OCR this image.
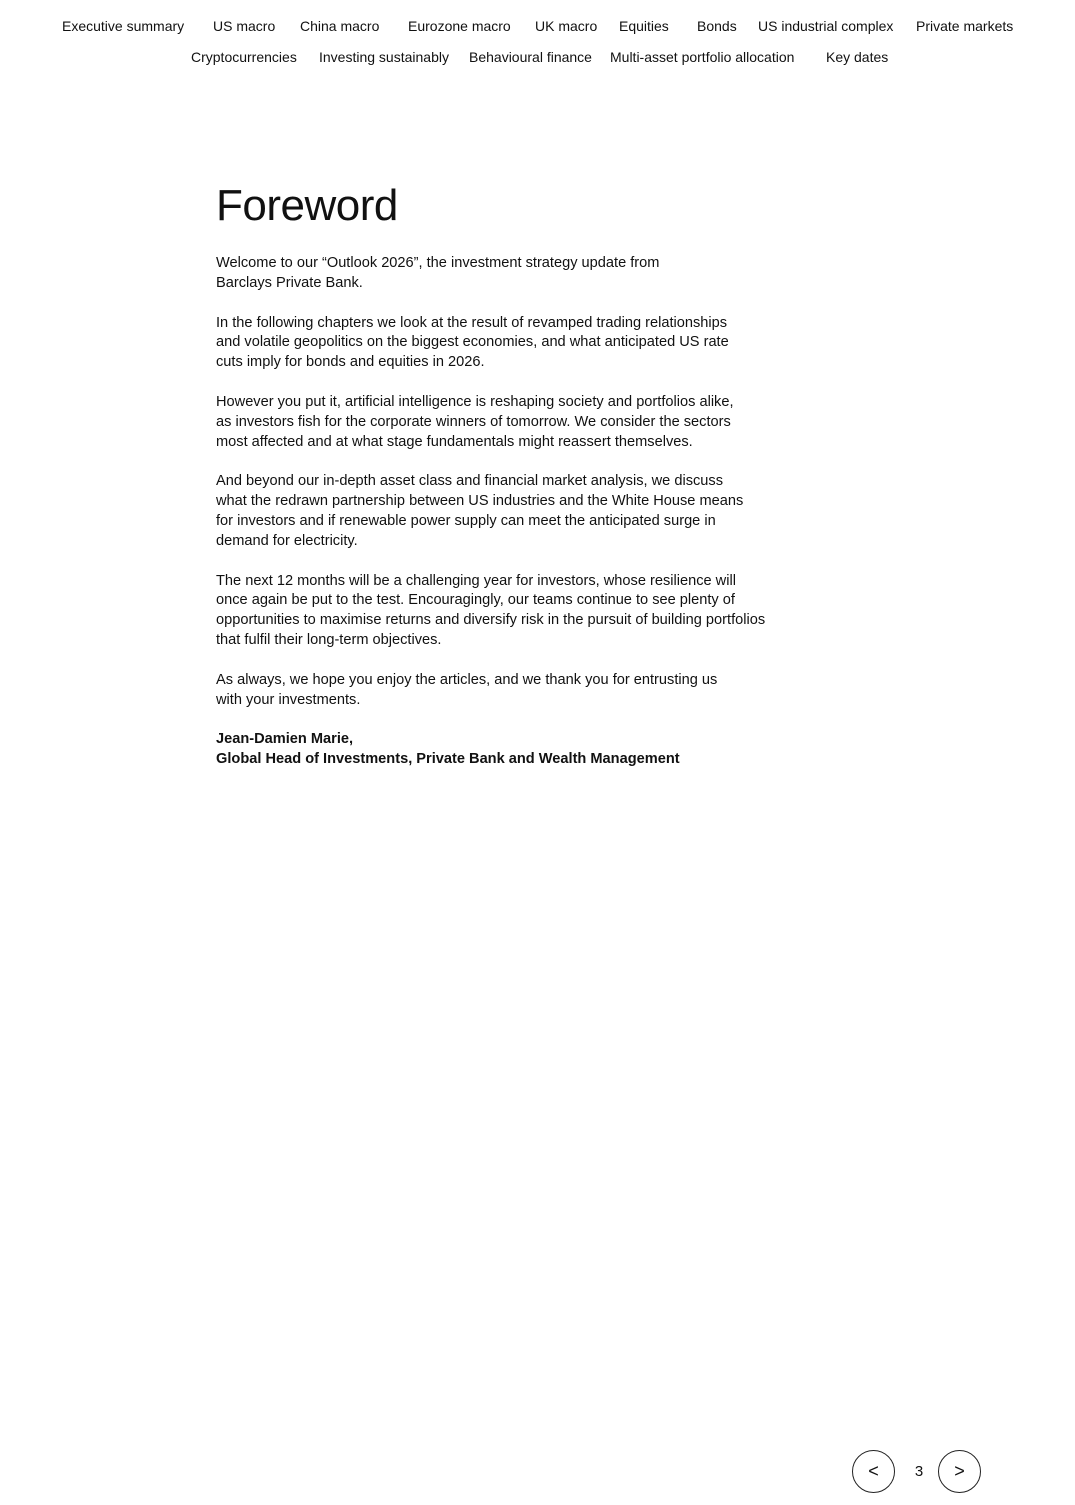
Executive summary US macro China macro Eurozone macro UK macro Equities Bonds US industrial complex Private markets
Cryptocurrencies Investing sustainably Behavioural finance Multi-asset portfolio allocation Key dates
Foreword

Welcome to our “Outlook 2026”, the investment strategy update from
Barclays Private Bank.

In the following chapters we look at the result of revamped trading relationships
and volatile geopolitics on the biggest economies, and what anticipated US rate
cuts imply for bonds and equities in 2026.

However you put it, artificial intelligence is reshaping society and portfolios alike,
as investors fish for the corporate winners of tomorrow. We consider the sectors
most affected and at what stage fundamentals might reassert themselves.

And beyond our in-depth asset class and financial market analysis, we discuss
what the redrawn partnership between US industries and the White House means
for investors and if renewable power supply can meet the anticipated surge in
demand for electricity.

The next 12 months will be a challenging year for investors, whose resilience will
once again be put to the test. Encouragingly, our teams continue to see plenty of
opportunities to maximise returns and diversify risk in the pursuit of building portfolios
that fulfil their long-term objectives.

As always, we hope you enjoy the articles, and we thank you for entrusting us
with your investments.

Jean-Damien Marie,
Global Head of Investments, Private Bank and Wealth Management

<	3	>
